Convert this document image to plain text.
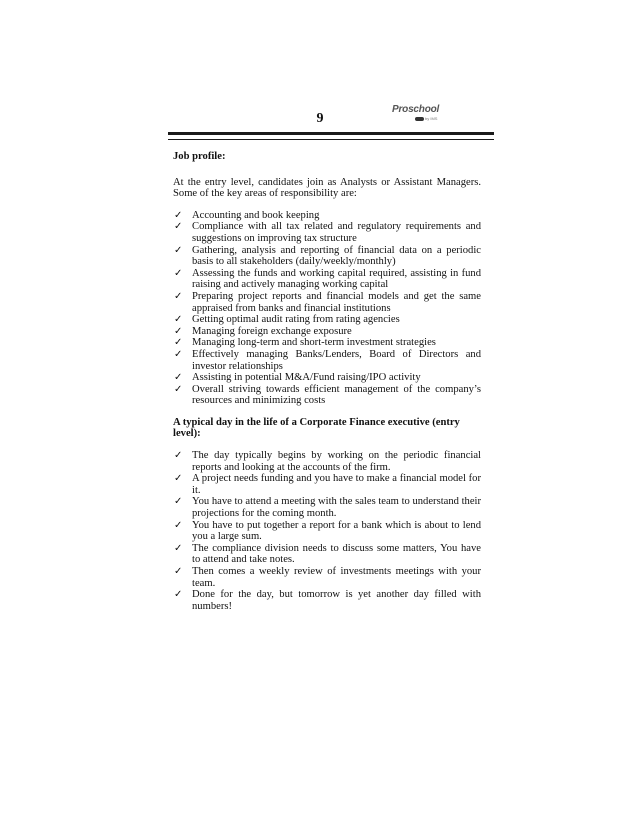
9
Proschool
by IMS

Job profile:

At the entry level, candidates join as Analysts or Assistant Managers. Some of the key areas of responsibility are:

✓ Accounting and book keeping
✓ Compliance with all tax related and regulatory requirements and suggestions on improving tax structure
✓ Gathering, analysis and reporting of financial data on a periodic basis to all stakeholders (daily/weekly/monthly)
✓ Assessing the funds and working capital required, assisting in fund raising and actively managing working capital
✓ Preparing project reports and financial models and get the same appraised from banks and financial institutions
✓ Getting optimal audit rating from rating agencies
✓ Managing foreign exchange exposure
✓ Managing long-term and short-term investment strategies
✓ Effectively managing Banks/Lenders, Board of Directors and investor relationships
✓ Assisting in potential M&A/Fund raising/IPO activity
✓ Overall striving towards efficient management of the company’s resources and minimizing costs

A typical day in the life of a Corporate Finance executive (entry level):

✓ The day typically begins by working on the periodic financial reports and looking at the accounts of the firm.
✓ A project needs funding and you have to make a financial model for it.
✓ You have to attend a meeting with the sales team to understand their projections for the coming month.
✓ You have to put together a report for a bank which is about to lend you a large sum.
✓ The compliance division needs to discuss some matters, You have to attend and take notes.
✓ Then comes a weekly review of investments meetings with your team.
✓ Done for the day, but tomorrow is yet another day filled with numbers!
